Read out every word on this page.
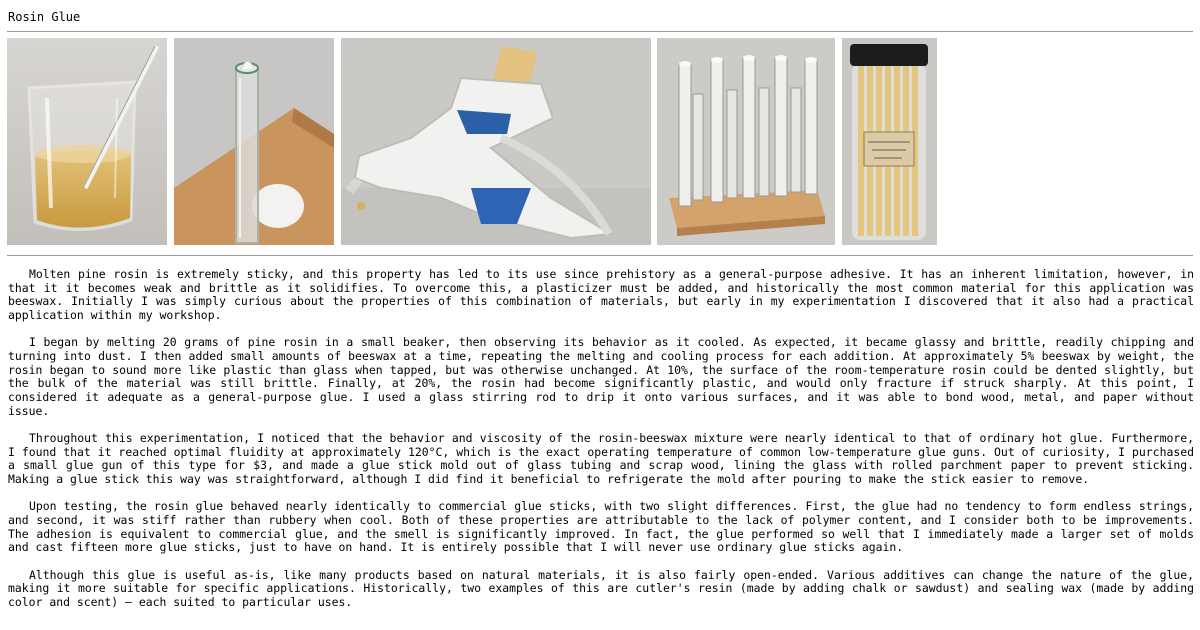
Rosin Glue

Molten pine rosin is extremely sticky, and this property has led to its use since prehistory as a general-purpose adhesive. It has an inherent limitation, however, in that it it becomes weak and brittle as it solidifies. To overcome this, a plasticizer must be added, and historically the most common material for this application was beeswax. Initially I was simply curious about the properties of this combination of materials, but early in my experimentation I discovered that it also had a practical application within my workshop.

I began by melting 20 grams of pine rosin in a small beaker, then observing its behavior as it cooled. As expected, it became glassy and brittle, readily chipping and turning into dust. I then added small amounts of beeswax at a time, repeating the melting and cooling process for each addition. At approximately 5% beeswax by weight, the rosin began to sound more like plastic than glass when tapped, but was otherwise unchanged. At 10%, the surface of the room-temperature rosin could be dented slightly, but the bulk of the material was still brittle. Finally, at 20%, the rosin had become significantly plastic, and would only fracture if struck sharply. At this point, I considered it adequate as a general-purpose glue. I used a glass stirring rod to drip it onto various surfaces, and it was able to bond wood, metal, and paper without issue.

Throughout this experimentation, I noticed that the behavior and viscosity of the rosin-beeswax mixture were nearly identical to that of ordinary hot glue. Furthermore, I found that it reached optimal fluidity at approximately 120°C, which is the exact operating temperature of common low-temperature glue guns. Out of curiosity, I purchased a small glue gun of this type for $3, and made a glue stick mold out of glass tubing and scrap wood, lining the glass with rolled parchment paper to prevent sticking. Making a glue stick this way was straightforward, although I did find it beneficial to refrigerate the mold after pouring to make the stick easier to remove.

Upon testing, the rosin glue behaved nearly identically to commercial glue sticks, with two slight differences. First, the glue had no tendency to form endless strings, and second, it was stiff rather than rubbery when cool. Both of these properties are attributable to the lack of polymer content, and I consider both to be improvements. The adhesion is equivalent to commercial glue, and the smell is significantly improved. In fact, the glue performed so well that I immediately made a larger set of molds and cast fifteen more glue sticks, just to have on hand. It is entirely possible that I will never use ordinary glue sticks again.

Although this glue is useful as-is, like many products based on natural materials, it is also fairly open-ended. Various additives can change the nature of the glue, making it more suitable for specific applications. Historically, two examples of this are cutler's resin (made by adding chalk or sawdust) and sealing wax (made by adding color and scent) — each suited to particular uses.
